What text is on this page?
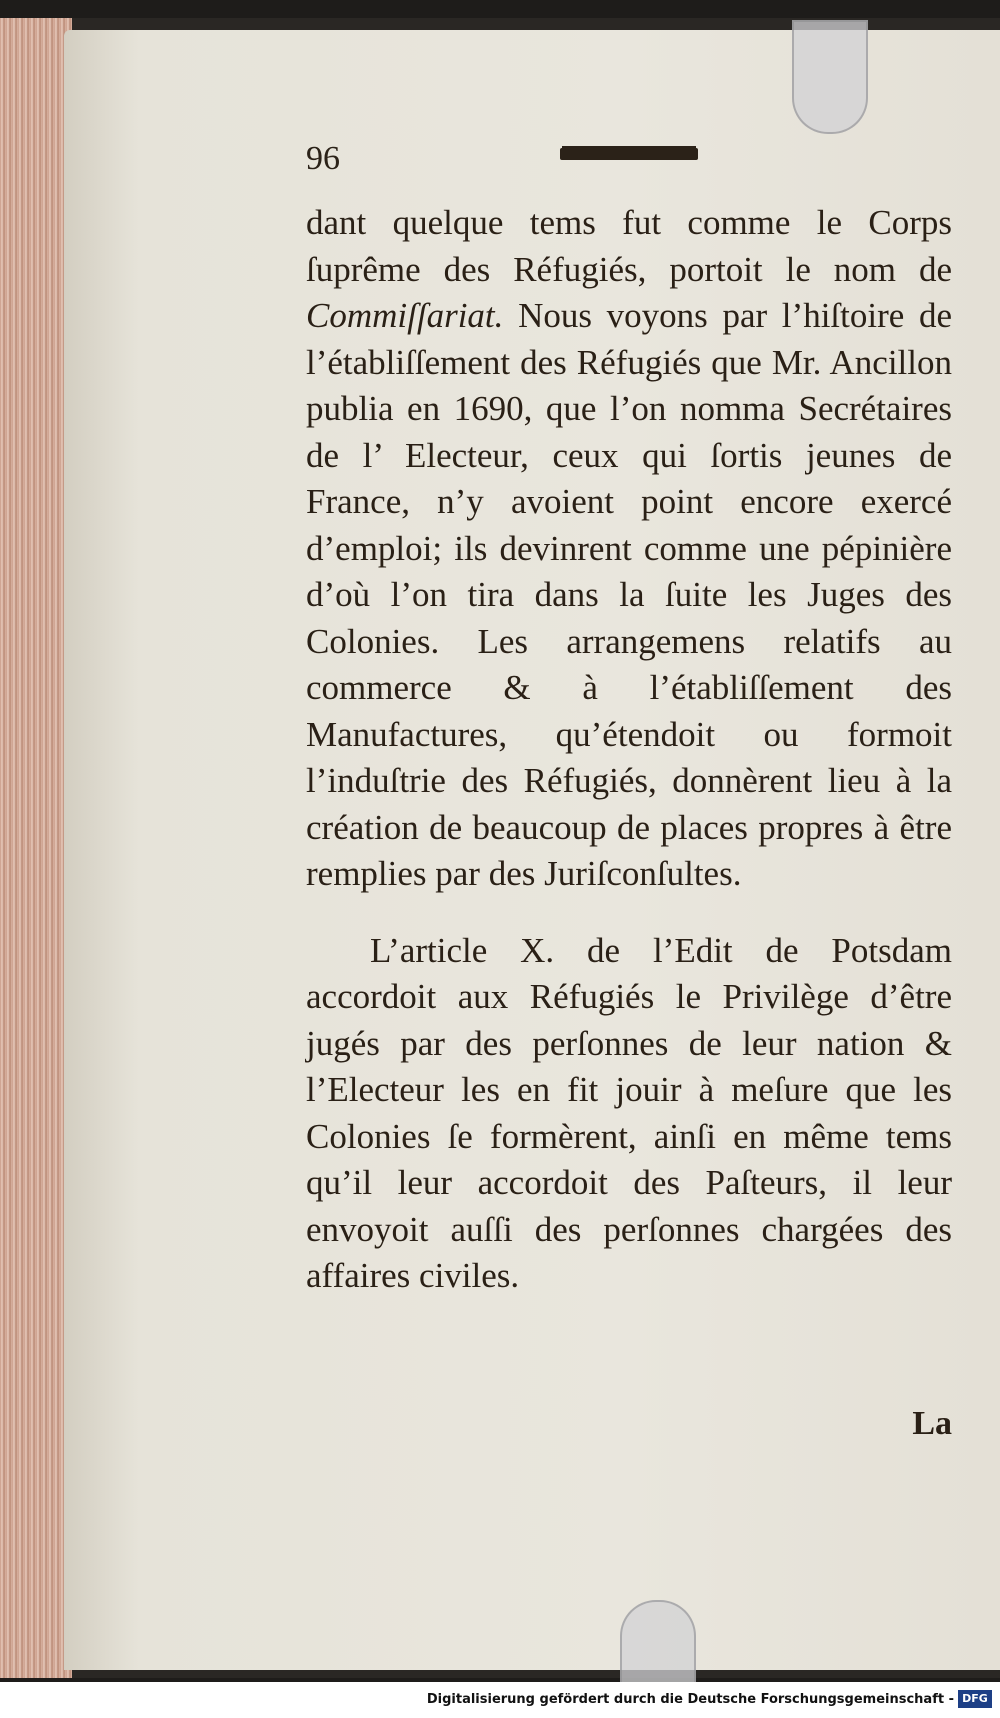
96

dant quelque tems fut comme le Corps ſuprême des Réfugiés, portoit le nom de Commiſſariat. Nous voyons par l’hiſtoire de l’établiſſement des Réfugiés que Mr. Ancillon publia en 1690, que l’on nomma Secrétaires de l’ Electeur, ceux qui ſortis jeunes de France, n’y avoient point encore exercé d’emploi; ils devinrent comme une pépinière d’où l’on tira dans la ſuite les Juges des Colonies. Les arrangemens relatifs au commerce & à l’établiſſement des Manufactures, qu’étendoit ou formoit l’induſtrie des Réfugiés, donnèrent lieu à la création de beaucoup de places propres à être remplies par des Juriſconſultes.

L’article X. de l’Edit de Potsdam accordoit aux Réfugiés le Privilège d’être jugés par des perſonnes de leur nation & l’Electeur les en fit jouir à meſure que les Colonies ſe formèrent, ainſi en même tems qu’il leur accordoit des Paſteurs, il leur envoyoit auſſi des perſonnes chargées des affaires civiles.

La
Digitalisierung gefördert durch die Deutsche Forschungsgemeinschaft - DFG
